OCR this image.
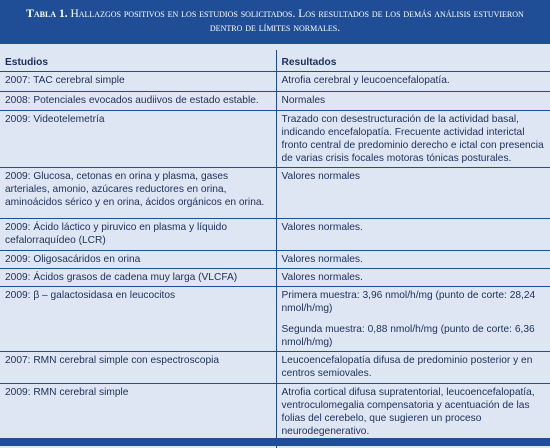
Tabla 1. Hallazgos positivos en los estudios solicitados. Los resultados de los demás análisis estuvieron dentro de límites normales.
Estudios	Resultados
2007: TAC cerebral simple	Atrofia cerebral y leucoencefalopatía.
2008: Potenciales evocados audiivos de estado estable.	Normales
2009: Videotelemetría	Trazado con desestructuración de la actividad basal, indicando encefalopatía. Frecuente actividad interictal fronto central de predominio derecho e ictal con presencia de varias crisis focales motoras tónicas posturales.
2009: Glucosa, cetonas en orina y plasma, gases arteriales, amonio, azúcares reductores en orina, aminoácidos sérico y en orina, ácidos orgánicos en orina.	Valores normales
2009: Ácido láctico y piruvico en plasma y líquido cefalorraquídeo (LCR)	Valores normales.
2009: Oligosacáridos en orina	Valores normales.
2009: Ácidos grasos de cadena muy larga (VLCFA)	Valores normales.
2009: β – galactosidasa en leucocitos	Primera muestra: 3,96 nmol/h/mg (punto de corte: 28,24 nmol/h/mg)
Segunda muestra: 0,88 nmol/h/mg (punto de corte: 6,36 nmol/h/mg)

2007: RMN cerebral simple con espectroscopia	Leucoencefalopatía difusa de predominio posterior y en centros semiovales.
2009: RMN cerebral simple	Atrofia cortical difusa supratentorial, leucoencefalopatía, ventroculomegalia compensatoria y acentuación de las folias del cerebelo, que sugieren un proceso neurodegenerativo.
